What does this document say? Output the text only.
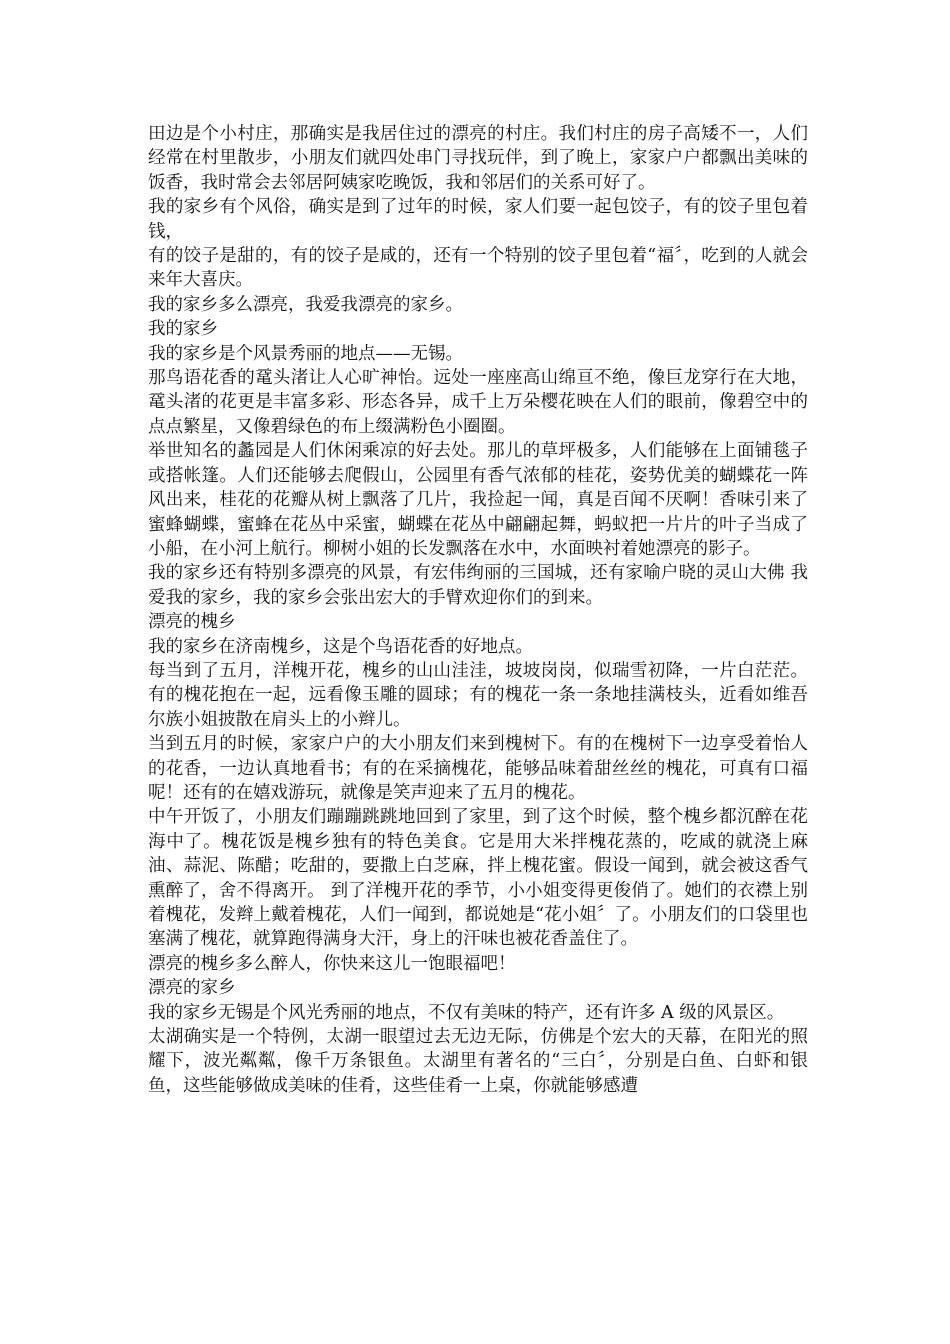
田边是个小村庄，那确实是我居住过的漂亮的村庄。我们村庄的房子高矮不一，人们经常在村里散步，小朋友们就四处串门寻找玩伴，到了晚上，家家户户都飘出美味的饭香，我时常会去邻居阿姨家吃晚饭，我和邻居们的关系可好了。

我的家乡有个风俗，确实是到了过年的时候，家人们要一起包饺子，有的饺子里包着钱，

有的饺子是甜的，有的饺子是咸的，还有一个特别的饺子里包着“福〞，吃到的人就会来年大喜庆。

我的家乡多么漂亮，我爱我漂亮的家乡。

我的家乡

我的家乡是个风景秀丽的地点——无锡。

那鸟语花香的鼋头渚让人心旷神怡。远处一座座高山绵亘不绝，像巨龙穿行在大地，鼋头渚的花更是丰富多彩、形态各异，成千上万朵樱花映在人们的眼前，像碧空中的点点繁星，又像碧绿色的布上缀满粉色小圈圈。

举世知名的蠡园是人们休闲乘凉的好去处。那儿的草坪极多，人们能够在上面铺毯子或搭帐篷。人们还能够去爬假山，公园里有香气浓郁的桂花，姿势优美的蝴蝶花一阵风出来，桂花的花瓣从树上飘落了几片，我捡起一闻，真是百闻不厌啊！香味引来了蜜蜂蝴蝶，蜜蜂在花丛中采蜜，蝴蝶在花丛中翩翩起舞，蚂蚁把一片片的叶子当成了小船，在小河上航行。柳树小姐的长发飘落在水中，水面映衬着她漂亮的影子。

我的家乡还有特别多漂亮的风景，有宏伟绚丽的三国城，还有家喻户晓的灵山大佛 我爱我的家乡，我的家乡会张出宏大的手臂欢迎你们的到来。

漂亮的槐乡

我的家乡在济南槐乡，这是个鸟语花香的好地点。

每当到了五月，洋槐开花，槐乡的山山洼洼，坡坡岗岗，似瑞雪初降，一片白茫茫。有的槐花抱在一起，远看像玉雕的圆球；有的槐花一条一条地挂满枝头，近看如维吾尔族小姐披散在肩头上的小辫儿。

当到五月的时候，家家户户的大小朋友们来到槐树下。有的在槐树下一边享受着怡人的花香，一边认真地看书；有的在采摘槐花，能够品味着甜丝丝的槐花，可真有口福呢！还有的在嬉戏游玩，就像是笑声迎来了五月的槐花。

中午开饭了，小朋友们蹦蹦跳跳地回到了家里，到了这个时候，整个槐乡都沉醉在花海中了。槐花饭是槐乡独有的特色美食。它是用大米拌槐花蒸的，吃咸的就浇上麻油、蒜泥、陈醋；吃甜的，要撒上白芝麻，拌上槐花蜜。假设一闻到，就会被这香气熏醉了，舍不得离开。 到了洋槐开花的季节，小小姐变得更俊俏了。她们的衣襟上别着槐花，发辫上戴着槐花，人们一闻到，都说她是“花小姐〞了。小朋友们的口袋里也塞满了槐花，就算跑得满身大汗，身上的汗味也被花香盖住了。

漂亮的槐乡多么醉人，你快来这儿一饱眼福吧！

漂亮的家乡

我的家乡无锡是个风光秀丽的地点，不仅有美味的特产，还有许多 A 级的风景区。

太湖确实是一个特例，太湖一眼望过去无边无际，仿佛是个宏大的天幕，在阳光的照耀下，波光粼粼，像千万条银鱼。太湖里有著名的“三白〞，分别是白鱼、白虾和银鱼，这些能够做成美味的佳肴，这些佳肴一上桌，你就能够感遭
